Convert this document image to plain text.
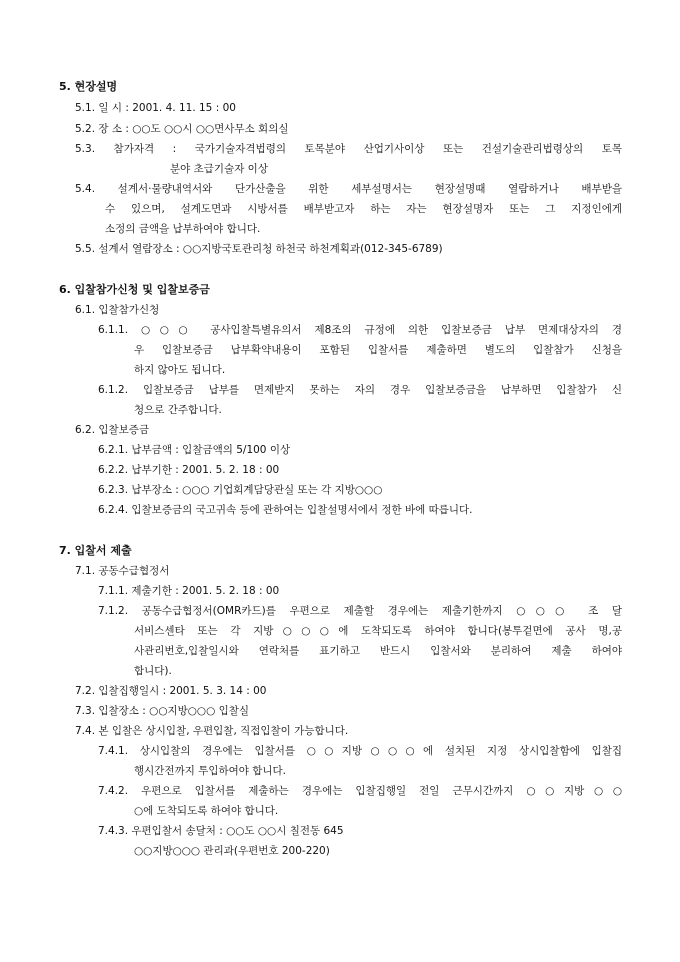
5. 현장설명
5.1. 일 시 : 2001. 4. 11. 15 : 00
5.2. 장 소 : ○○도 ○○시 ○○면사무소 회의실
5.3. 참가자격 : 국가기술자격법령의 토목분야 산업기사이상 또는 건설기술관리법령상의 토목
분야 초급기술자 이상
5.4. 설계서·물량내역서와 단가산출을 위한 세부설명서는 현장설명때 열람하거나 배부받을
수 있으며, 설계도면과 시방서를 배부받고자 하는 자는 현장설명자 또는 그 지정인에게
소정의 금액을 납부하여야 합니다.
5.5. 설계서 열람장소 : ○○지방국토관리청 하천국 하천계획과(012-345-6789)
6. 입찰참가신청 및 입찰보증금
6.1. 입찰참가신청
6.1.1. ○○○ 공사입찰특별유의서 제8조의 규정에 의한 입찰보증금 납부 면제대상자의 경
우 입찰보증금 납부확약내용이 포함된 입찰서를 제출하면 별도의 입찰참가 신청을
하지 않아도 됩니다.
6.1.2. 입찰보증금 납부를 면제받지 못하는 자의 경우 입찰보증금을 납부하면 입찰참가 신
청으로 간주합니다.
6.2. 입찰보증금
6.2.1. 납부금액 : 입찰금액의 5/100 이상
6.2.2. 납부기한 : 2001. 5. 2. 18 : 00
6.2.3. 납부장소 : ○○○ 기업회계담당관실 또는 각 지방○○○
6.2.4. 입찰보증금의 국고귀속 등에 관하여는 입찰설명서에서 정한 바에 따릅니다.
7. 입찰서 제출
7.1. 공동수급협정서
7.1.1. 제출기한 : 2001. 5. 2. 18 : 00
7.1.2. 공동수급협정서(OMR카드)를 우편으로 제출할 경우에는 제출기한까지 ○○○ 조 달
서비스센타 또는 각 지방○○○에 도착되도록 하여야 합니다(봉투겉면에 공사 명,공
사관리번호,입찰일시와 연락처를 표기하고 반드시 입찰서와 분리하여 제출 하여야
합니다).
7.2. 입찰집행일시 : 2001. 5. 3. 14 : 00
7.3. 입찰장소 : ○○지방○○○ 입찰실
7.4. 본 입찰은 상시입찰, 우편입찰, 직접입찰이 가능합니다.
7.4.1. 상시입찰의 경우에는 입찰서를 ○○지방○○○에 설치된 지정 상시입찰함에 입찰집
행시간전까지 투입하여야 합니다.
7.4.2. 우편으로 입찰서를 제출하는 경우에는 입찰집행일 전일 근무시간까지 ○○지방○○
○에 도착되도록 하여야 합니다.
7.4.3. 우편입찰서 송달처 : ○○도 ○○시 칠전동 645
○○지방○○○ 관리과(우편번호 200-220)
